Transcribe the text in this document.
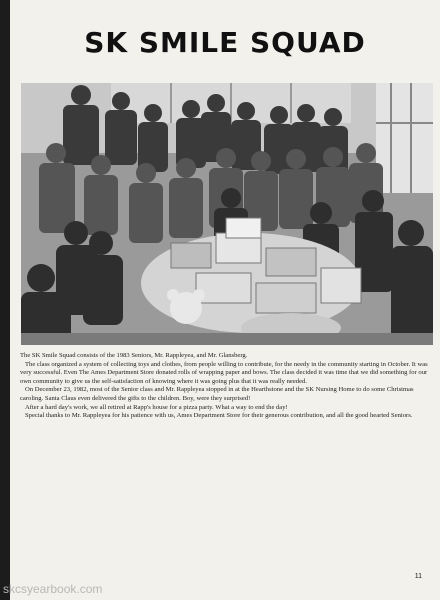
SK SMILE SQUAD

The SK Smile Squad consists of the 1983 Seniors, Mr. Rappleyea, and Mr. Glansberg.

The class organized a system of collecting toys and clothes, from people willing to contribute, for the needy in the community starting in October. It was very successful. Even The Ames Department Store donated rolls of wrapping paper and bows. The class decided it was time that we did something for our own community to give us the self-satisfaction of knowing where it was going plus that it was really needed.

On December 23, 1982, most of the Senior class and Mr. Rappleyea stopped in at the Hearthstone and the SK Nursing Home to do some Christmas caroling. Santa Claus even delivered the gifts to the children. Boy, were they surprised!

After a hard day's work, we all retired at Rapp's house for a pizza party. What a way to end the day!

Special thanks to Mr. Rappleyea for his patience with us, Ames Department Store for their generous contribution, and all the good hearted Seniors.

11
skcsyearbook.com
